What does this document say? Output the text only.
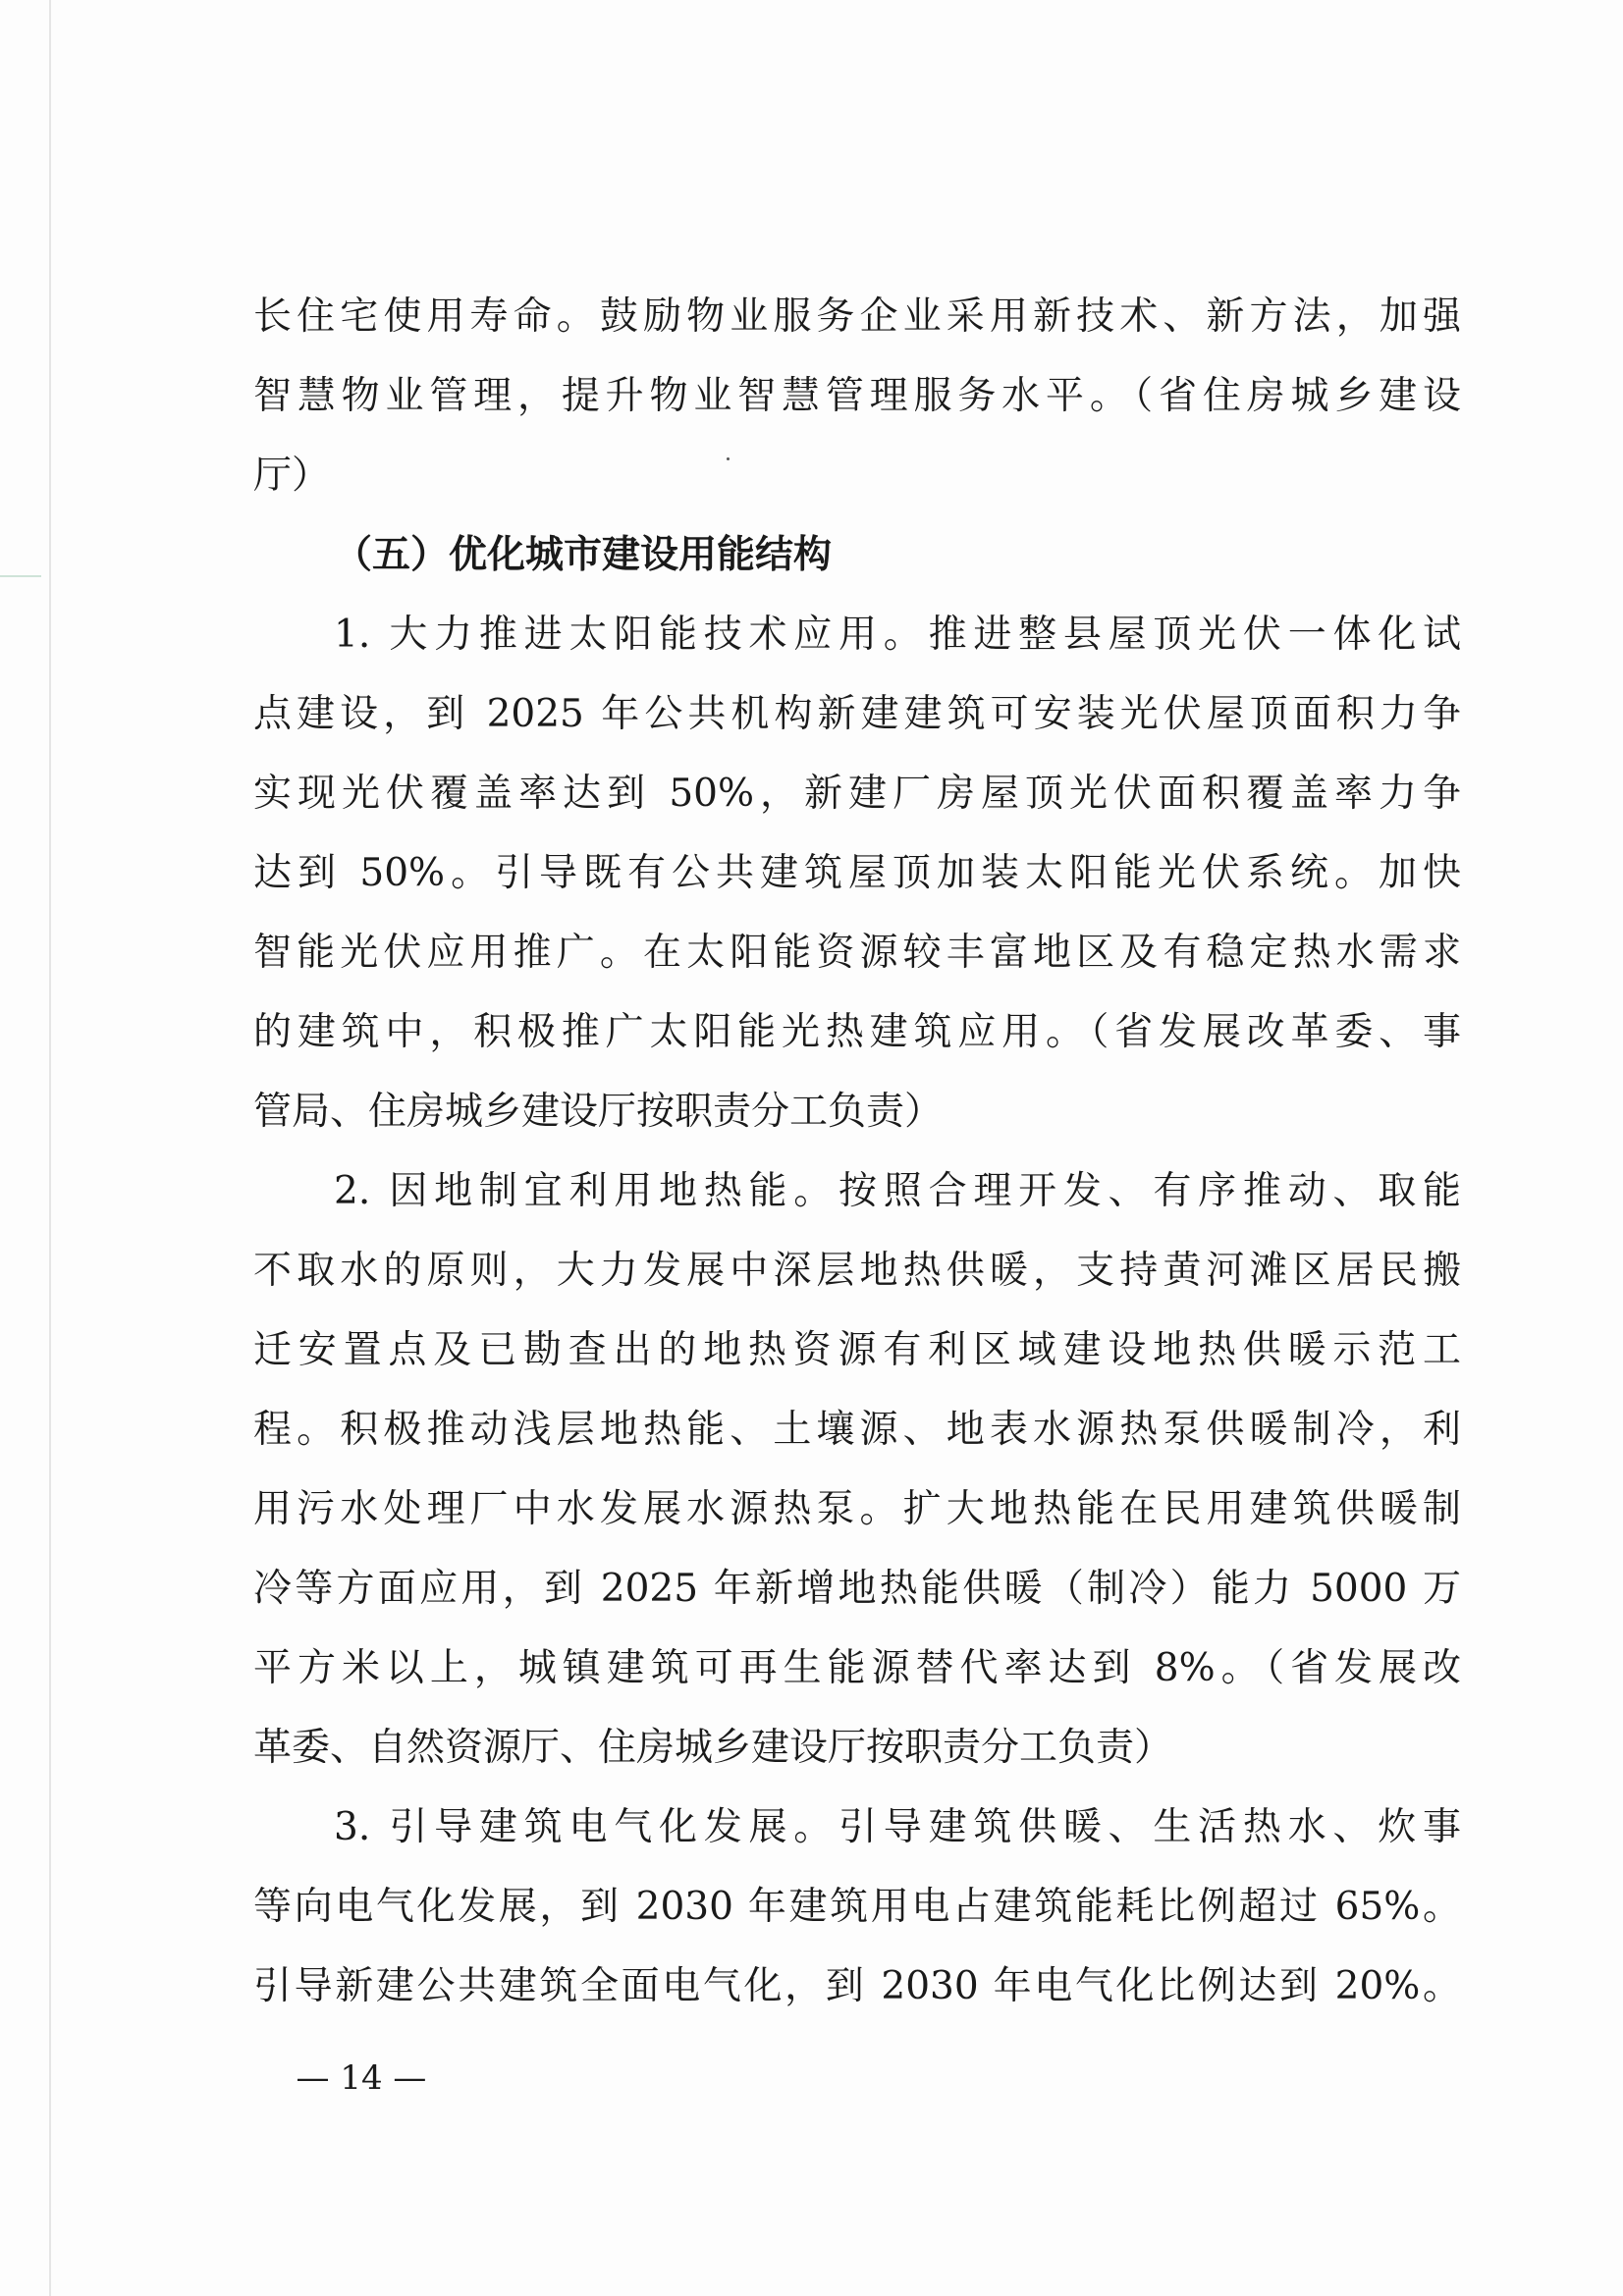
长住宅使用寿命。鼓励物业服务企业采用新技术、新方法，加强

智慧物业管理，提升物业智慧管理服务水平。（省住房城乡建设

厅）

（五）优化城市建设用能结构

1. 大力推进太阳能技术应用。推进整县屋顶光伏一体化试

点建设，到 2025 年公共机构新建建筑可安装光伏屋顶面积力争

实现光伏覆盖率达到 50%，新建厂房屋顶光伏面积覆盖率力争

达到 50%。引导既有公共建筑屋顶加装太阳能光伏系统。加快

智能光伏应用推广。在太阳能资源较丰富地区及有稳定热水需求

的建筑中，积极推广太阳能光热建筑应用。（省发展改革委、事

管局、住房城乡建设厅按职责分工负责）

2. 因地制宜利用地热能。按照合理开发、有序推动、取能

不取水的原则，大力发展中深层地热供暖，支持黄河滩区居民搬

迁安置点及已勘查出的地热资源有利区域建设地热供暖示范工

程。积极推动浅层地热能、土壤源、地表水源热泵供暖制冷，利

用污水处理厂中水发展水源热泵。扩大地热能在民用建筑供暖制

冷等方面应用，到 2025 年新增地热能供暖（制冷）能力 5000 万

平方米以上，城镇建筑可再生能源替代率达到 8%。（省发展改

革委、自然资源厅、住房城乡建设厅按职责分工负责）

3. 引导建筑电气化发展。引导建筑供暖、生活热水、炊事

等向电气化发展，到 2030 年建筑用电占建筑能耗比例超过 65%。

引导新建公共建筑全面电气化，到 2030 年电气化比例达到 20%。

— 14 —
